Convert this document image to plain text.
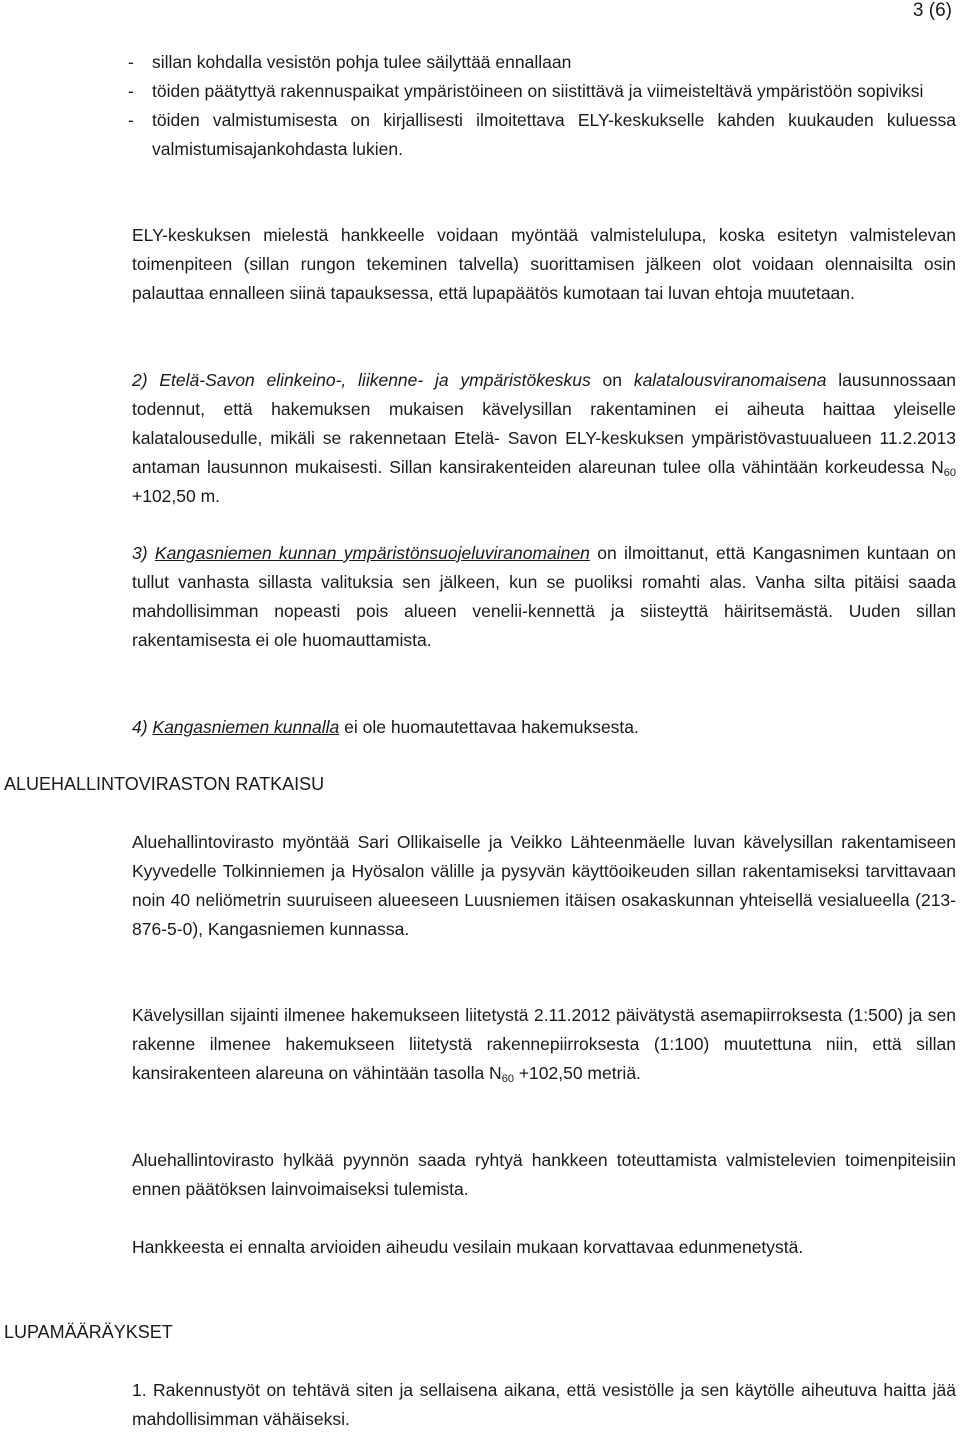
3 (6)
- sillan kohdalla vesistön pohja tulee säilyttää ennallaan
- töiden päätyttyä rakennuspaikat ympäristöineen on siistittävä ja viimeisteltävä ympäristöön sopiviksi
- töiden valmistumisesta on kirjallisesti ilmoitettava ELY-keskukselle kahden kuukauden kuluessa valmistumisajankohdasta lukien.

ELY-keskuksen mielestä hankkeelle voidaan myöntää valmistelulupa, koska esitetyn valmistelevan toimenpiteen (sillan rungon tekeminen talvella) suorittamisen jälkeen olot voidaan olennaisilta osin palauttaa ennalleen siinä tapauksessa, että lupapäätös kumotaan tai luvan ehtoja muutetaan.

2) Etelä-Savon elinkeino-, liikenne- ja ympäristökeskus on kalatalousviranomaisena lausunnossaan todennut, että hakemuksen mukaisen kävelysillan rakentaminen ei aiheuta haittaa yleiselle kalatalousedulle, mikäli se rakennetaan Etelä- Savon ELY-keskuksen ympäristövastuualueen 11.2.2013 antaman lausunnon mukaisesti. Sillan kansirakenteiden alareunan tulee olla vähintään korkeudessa $N_{60} +102,50$ m.

3) Kangasniemen kunnan ympäristönsuojeluviranomainen on ilmoittanut, että Kangasnimen kuntaan on tullut vanhasta sillasta valituksia sen jälkeen, kun se puoliksi romahti alas. Vanha silta pitäisi saada mahdollisimman nopeasti pois alueen venelii-kennettä ja siisteyttä häiritsemästä. Uuden sillan rakentamisesta ei ole huomauttamista.

4) Kangasniemen kunnalla ei ole huomautettavaa hakemuksesta.

ALUEHALLINTOVIRASTON RATKAISU

Aluehallintovirasto myöntää Sari Ollikaiselle ja Veikko Lähteenmäelle luvan kävelysillan rakentamiseen Kyyvedelle Tolkinniemen ja Hyösalon välille ja pysyvän käyttöoikeuden sillan rakentamiseksi tarvittavaan noin 40 neliömetrin suuruiseen alueeseen Luusniemen itäisen osakaskunnan yhteisellä vesialueella (213-876-5-0), Kangasniemen kunnassa.

Kävelysillan sijainti ilmenee hakemukseen liitetystä 2.11.2012 päivätystä asemapiirroksesta (1:500) ja sen rakenne ilmenee hakemukseen liitetystä rakennepiirroksesta (1:100) muutettuna niin, että sillan kansirakenteen alareuna on vähintään tasolla $N_{60} +102,50$ metriä.

Aluehallintovirasto hylkää pyynnön saada ryhtyä hankkeen toteuttamista valmistelevien toimenpiteisiin ennen päätöksen lainvoimaiseksi tulemista.

Hankkeesta ei ennalta arvioiden aiheudu vesilain mukaan korvattavaa edunmenetystä.

LUPAMÄÄRÄYKSET

1. Rakennustyöt on tehtävä siten ja sellaisena aikana, että vesistölle ja sen käytölle aiheutuva haitta jää mahdollisimman vähäiseksi.
